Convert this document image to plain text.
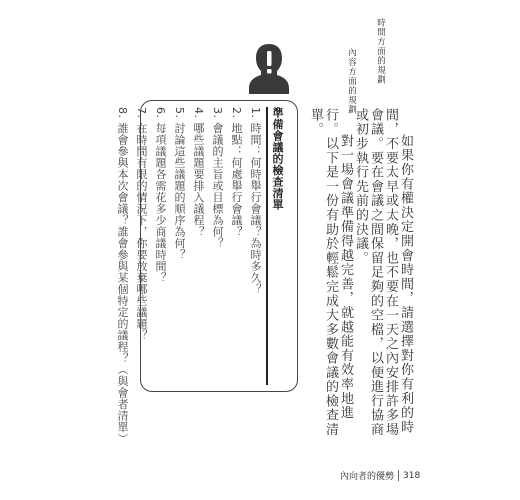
時間方面的規劃
內容方面的規劃

如果你有權決定開會時間，請選擇對你有利的時間，不要太早或太晚，也不要在一天之內安排許多場會議。要在會議之間保留足夠的空檔，以便進行協商或初步執行先前的決議。

對一場會議準備得越完善，就越能有效率地進行。以下是一份有助於輕鬆完成大多數會議的檢查清單。

準備會議的檢查清單
1. 時間：何時舉行會議？為時多久？
2. 地點：何處舉行會議？
3. 會議的主旨或目標為何？
4. 哪些議題要排入議程？
5. 討論這些議題的順序為何？
6. 每項議題各需花多少商議時間？
7. 在時間有限的情況下，你要放棄哪些議題？
8. 誰會參與本次會議？誰會參與某個特定的議程？（與會者清單）
內向者的優勢 318
